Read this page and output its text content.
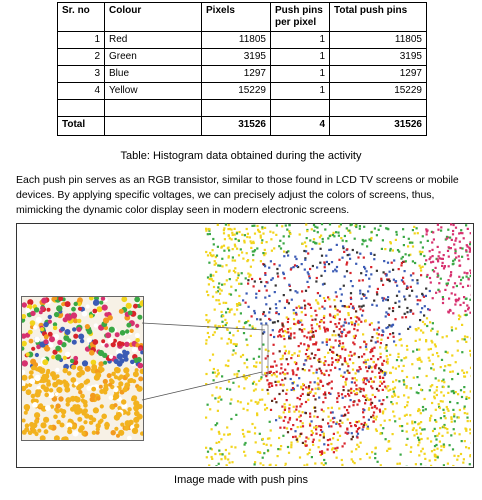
Sr. no	Colour	Pixels	Push pins per pixel	Total push pins
1	Red	11805	1	11805
2	Green	3195	1	3195
3	Blue	1297	1	1297
4	Yellow	15229	1	15229

Total		31526	4	31526
Table: Histogram data obtained during the activity
Each push pin serves as an RGB transistor, similar to those found in LCD TV screens or mobile devices. By applying specific voltages, we can precisely adjust the colors of screens, thus, mimicking the dynamic color display seen in modern electronic screens.
Image made with push pins
